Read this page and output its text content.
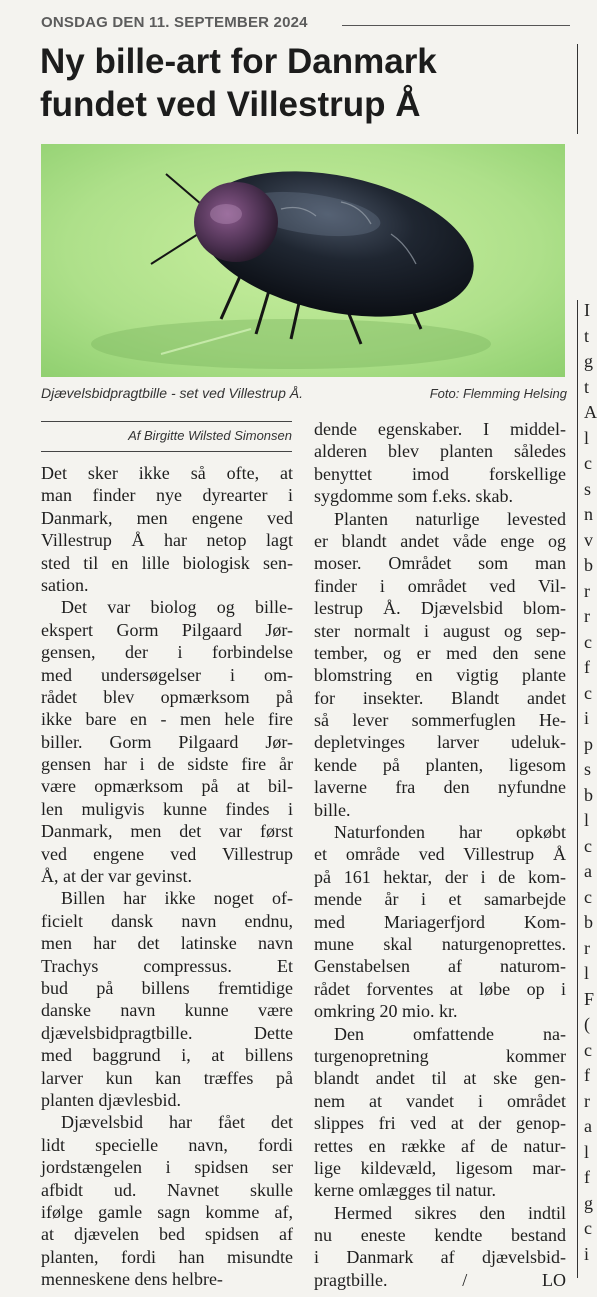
ONSDAG DEN 11. SEPTEMBER 2024
Ny bille-art for Danmark
fundet ved Villestrup Å
Djævelsbidpragtbille - set ved Villestrup Å.	Foto: Flemming Helsing
Af Birgitte Wilsted Simonsen
Det sker ikke så ofte, at
man finder nye dyrearter i
Danmark, men engene ved
Villestrup Å har netop lagt
sted til en lille biologisk sen-
sation.
Det var biolog og bille-
ekspert Gorm Pilgaard Jør-
gensen, der i forbindelse
med undersøgelser i om-
rådet blev opmærksom på
ikke bare en - men hele fire
biller. Gorm Pilgaard Jør-
gensen har i de sidste fire år
være opmærksom på at bil-
len muligvis kunne findes i
Danmark, men det var først
ved engene ved Villestrup
Å, at der var gevinst.
Billen har ikke noget of-
ficielt dansk navn endnu,
men har det latinske navn
Trachys compressus. Et
bud på billens fremtidige
danske navn kunne være
djævelsbidpragtbille. Dette
med baggrund i, at billens
larver kun kan træffes på
planten djævlesbid.
Djævelsbid har fået det
lidt specielle navn, fordi
jordstængelen i spidsen ser
afbidt ud. Navnet skulle
ifølge gamle sagn komme af,
at djævelen bed spidsen af
planten, fordi han misundte
menneskene dens helbre-
dende egenskaber. I middel-
alderen blev planten således
benyttet imod forskellige
sygdomme som f.eks. skab.
Planten naturlige levested
er blandt andet våde enge og
moser. Området som man
finder i området ved Vil-
lestrup Å. Djævelsbid blom-
ster normalt i august og sep-
tember, og er med den sene
blomstring en vigtig plante
for insekter. Blandt andet
så lever sommerfuglen He-
depletvinges larver udeluk-
kende på planten, ligesom
laverne fra den nyfundne
bille.
Naturfonden har opkøbt
et område ved Villestrup Å
på 161 hektar, der i de kom-
mende år i et samarbejde
med Mariagerfjord Kom-
mune skal naturgenoprettes.
Genstabelsen af naturom-
rådet forventes at løbe op i
omkring 20 mio. kr.
Den omfattende na-
turgenopretning kommer
blandt andet til at ske gen-
nem at vandet i området
slippes fri ved at der genop-
rettes en række af de natur-
lige kildevæld, ligesom mar-
kerne omlægges til natur.
Hermed sikres den indtil
nu eneste kendte bestand
i Danmark af djævelsbid-
pragtbille. / LO
I
t
g
t
A
l
c
s
n
v
b
r
r
c
f
c
i
p
s
b
l
c
a
c
b
r
l
F
(
c
f
r
a
l
f
g
c
i
